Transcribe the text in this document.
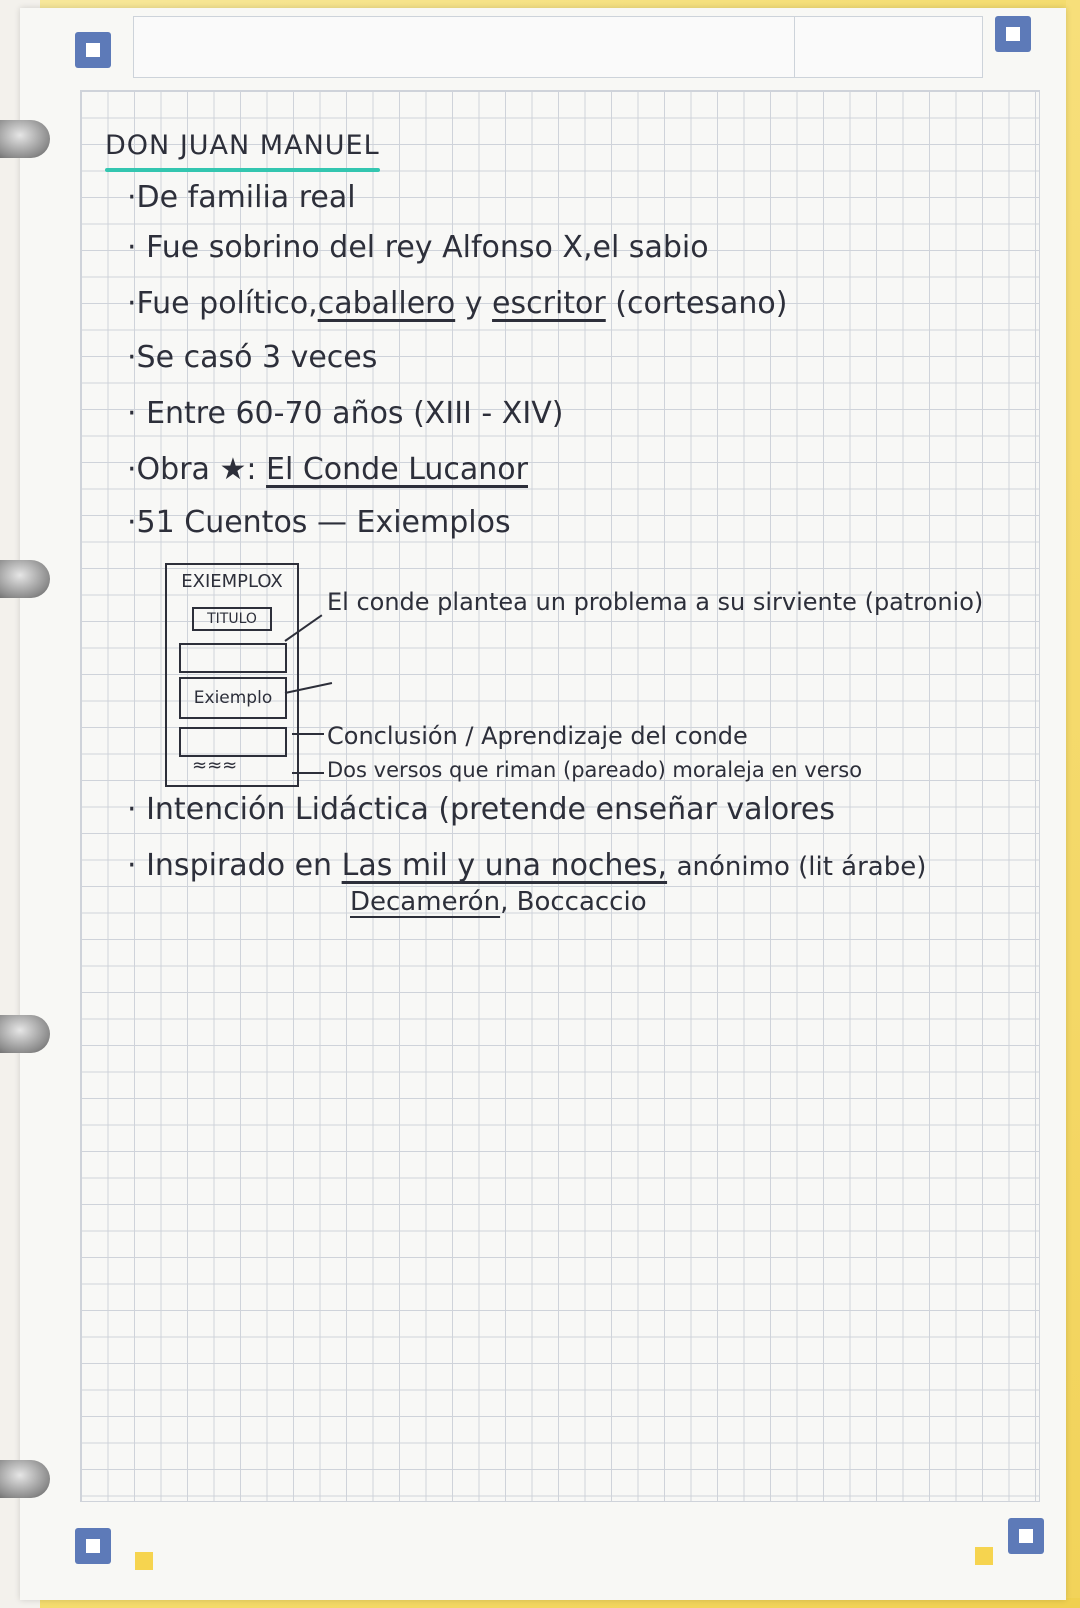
DON JUAN MANUEL
·De familia real
· Fue sobrino del rey Alfonso X,el sabio
·Fue político,caballero y escritor (cortesano)
·Se casó 3 veces
· Entre 60-70 años (XIII - XIV)
·Obra ★: El Conde Lucanor
·51 Cuentos — Exiemplos
EXIEMPLOX
TITULO
Exiemplo
≈≈≈
El conde plantea un problema a su sirviente (patronio)
Conclusión / Aprendizaje del conde
Dos versos que riman (pareado) moraleja en verso
· Intención Lidáctica (pretende enseñar valores
· Inspirado en Las mil y una noches, anónimo (lit árabe)
Decamerón, Boccaccio
